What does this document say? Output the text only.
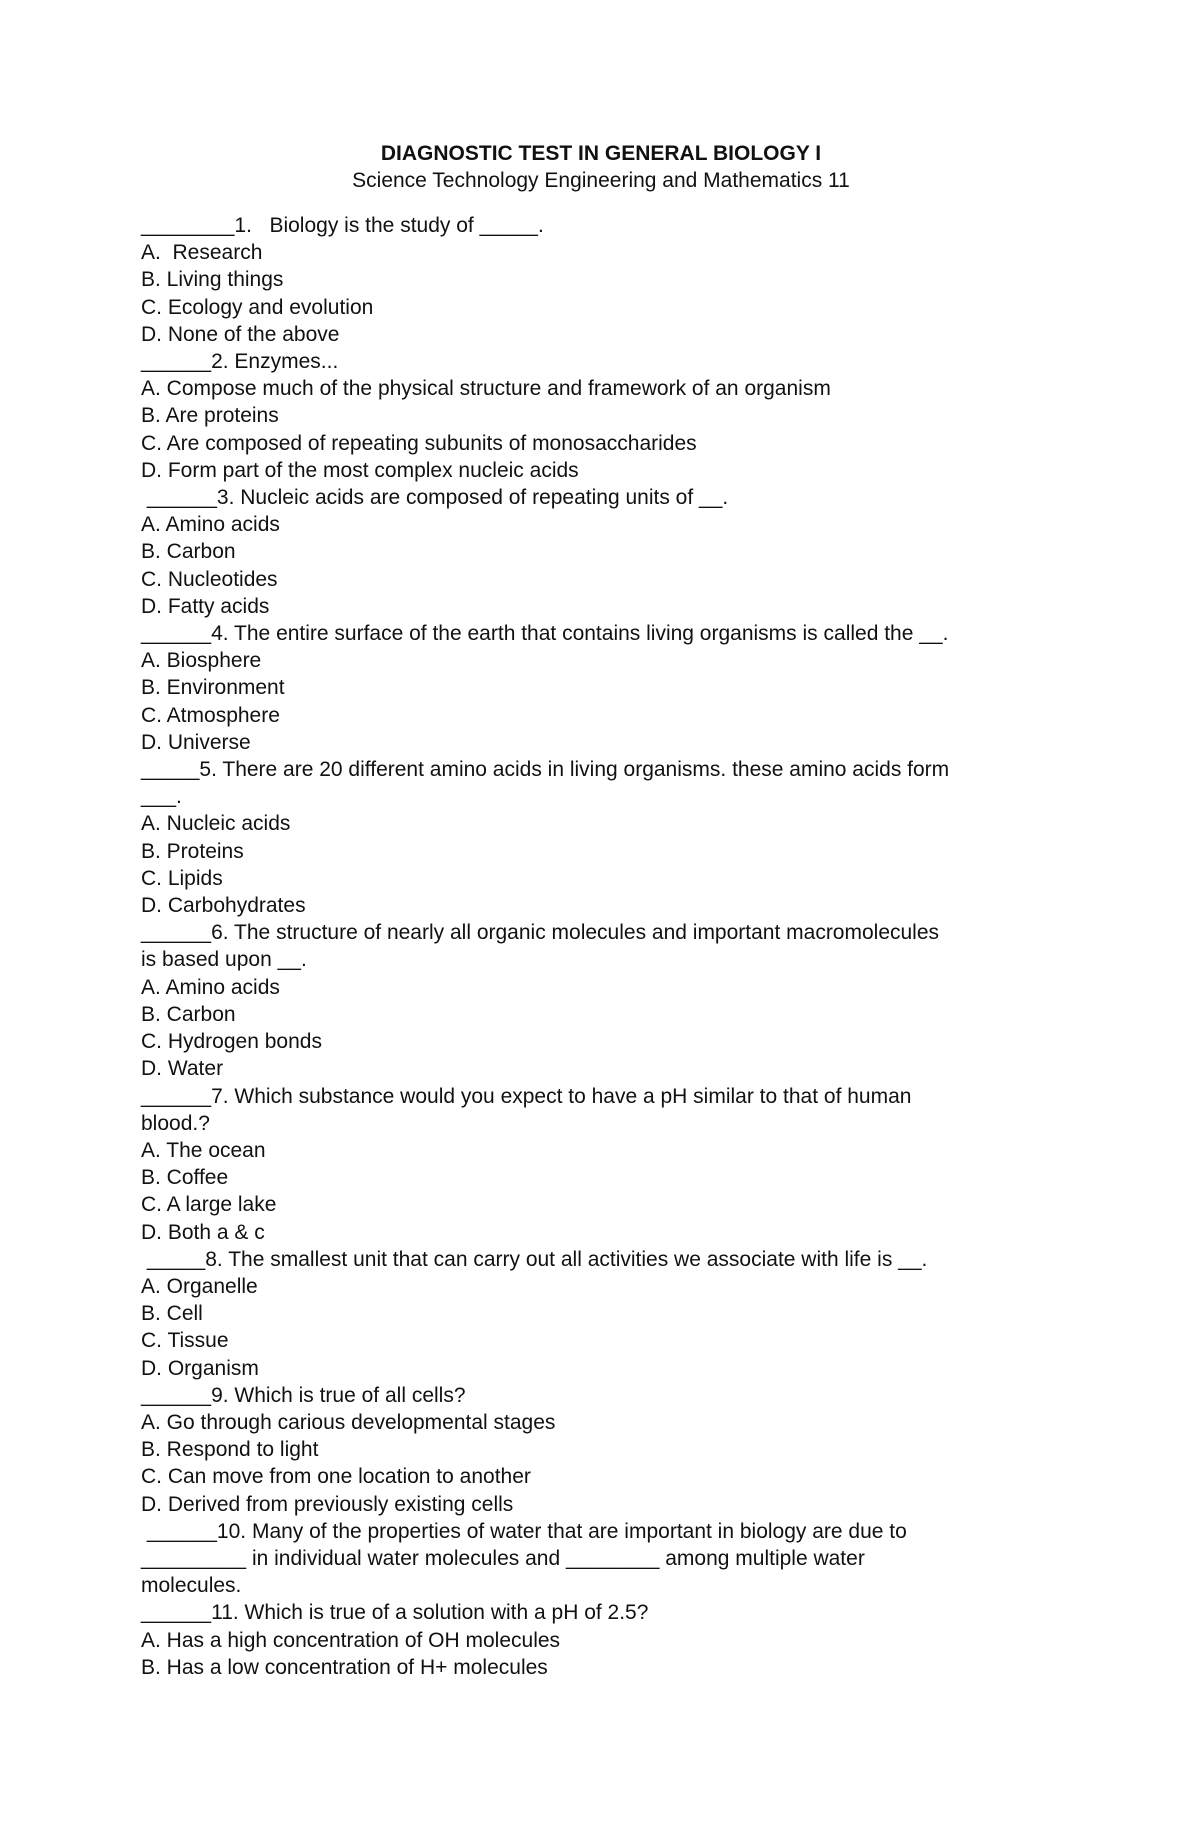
DIAGNOSTIC TEST IN GENERAL BIOLOGY I

Science Technology Engineering and Mathematics 11

________1.   Biology is the study of _____.

A.  Research

B. Living things

C. Ecology and evolution

D. None of the above

______2. Enzymes...

A. Compose much of the physical structure and framework of an organism

B. Are proteins

C. Are composed of repeating subunits of monosaccharides

D. Form part of the most complex nucleic acids

______3. Nucleic acids are composed of repeating units of __.

A. Amino acids

B. Carbon

C. Nucleotides

D. Fatty acids

______4. The entire surface of the earth that contains living organisms is called the __.

A. Biosphere

B. Environment

C. Atmosphere

D. Universe

_____5. There are 20 different amino acids in living organisms. these amino acids form

___.

A. Nucleic acids

B. Proteins

C. Lipids

D. Carbohydrates

______6. The structure of nearly all organic molecules and important macromolecules

is based upon __.

A. Amino acids

B. Carbon

C. Hydrogen bonds

D. Water

______7. Which substance would you expect to have a pH similar to that of human

blood.?

A. The ocean

B. Coffee

C. A large lake

D. Both a & c

_____8. The smallest unit that can carry out all activities we associate with life is __.

A. Organelle

B. Cell

C. Tissue

D. Organism

______9. Which is true of all cells?

A. Go through carious developmental stages

B. Respond to light

C. Can move from one location to another

D. Derived from previously existing cells

______10. Many of the properties of water that are important in biology are due to

_________ in individual water molecules and ________ among multiple water

molecules.

______11. Which is true of a solution with a pH of 2.5?

A. Has a high concentration of OH molecules

B. Has a low concentration of H+ molecules
